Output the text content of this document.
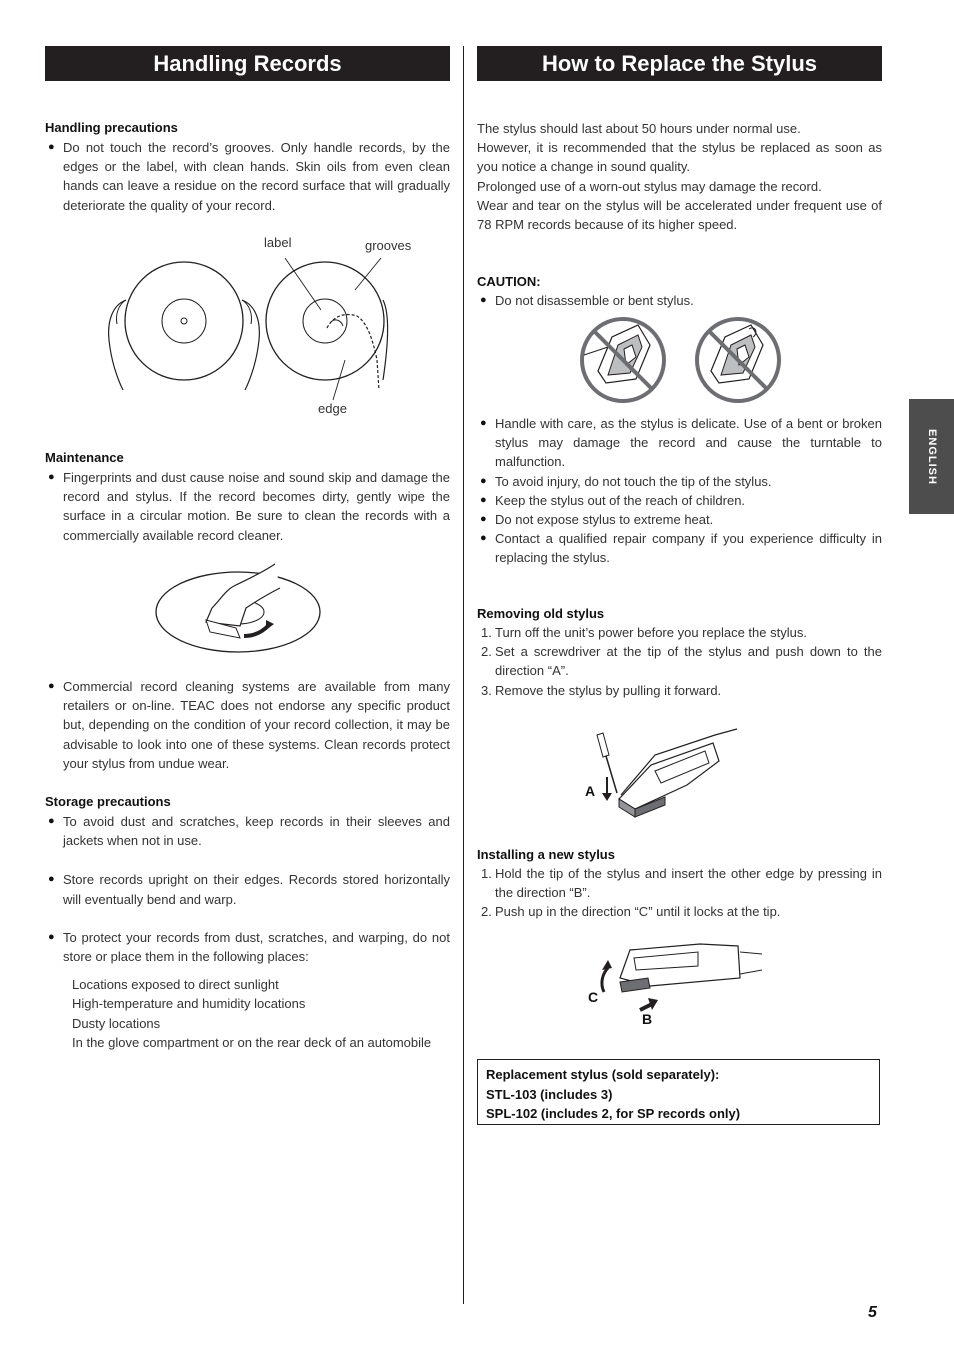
Handling Records	How to Replace the Stylus
Handling precautions
● Do not touch the record’s grooves. Only handle records, by the edges or the label, with clean hands. Skin oils from even clean hands can leave a residue on the record surface that will gradually deteriorate the quality of your record.
label	grooves
edge
Maintenance
● Fingerprints and dust cause noise and sound skip and damage the record and stylus. If the record becomes dirty, gently wipe the surface in a circular motion. Be sure to clean the records with a commercially available record cleaner.
● Commercial record cleaning systems are available from many retailers or on-line. TEAC does not endorse any specific product but, depending on the condition of your record collection, it may be advisable to look into one of these systems. Clean records protect your stylus from undue wear.
Storage precautions
● To avoid dust and scratches, keep records in their sleeves and jackets when not in use.
● Store records upright on their edges. Records stored horizontally will eventually bend and warp.
● To protect your records from dust, scratches, and warping, do not store or place them in the following places:
Locations exposed to direct sunlight
High-temperature and humidity locations
Dusty locations
In the glove compartment or on the rear deck of an automobile
The stylus should last about 50 hours under normal use.
However, it is recommended that the stylus be replaced as soon as you notice a change in sound quality.
Prolonged use of a worn-out stylus may damage the record.
Wear and tear on the stylus will be accelerated under frequent use of 78 RPM records because of its higher speed.
CAUTION:
● Do not disassemble or bent stylus.
● Handle with care, as the stylus is delicate. Use of a bent or broken stylus may damage the record and cause the turntable to malfunction.
● To avoid injury, do not touch the tip of the stylus.
● Keep the stylus out of the reach of children.
● Do not expose stylus to extreme heat.
● Contact a qualified repair company if you experience difficulty in replacing the stylus.
Removing old stylus
1. Turn off the unit’s power before you replace the stylus.
2. Set a screwdriver at the tip of the stylus and push down to the direction “A”.
3. Remove the stylus by pulling it forward.
A
Installing a new stylus
1. Hold the tip of the stylus and insert the other edge by pressing in the direction “B”.
2. Push up in the direction “C” until it locks at the tip.
C
B
Replacement stylus (sold separately):
STL-103 (includes 3)
SPL-102 (includes 2, for SP records only)
ENGLISH
5
